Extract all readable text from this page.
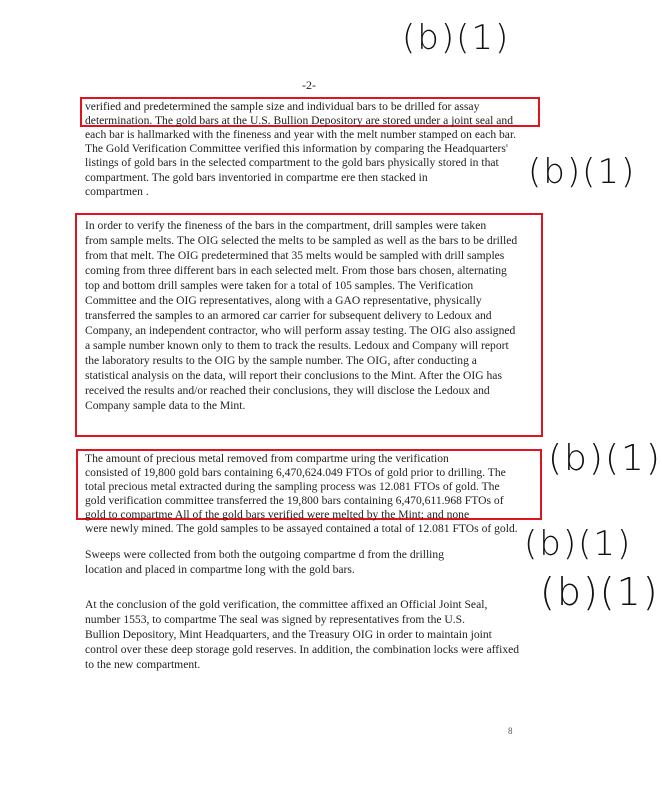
(b)(1)
(b)(1)
(b)(1)
(b)(1)
(b)(1)
-2-
verified and predetermined the sample size and individual bars to be drilled for assay
determination. The gold bars at the U.S. Bullion Depository are stored under a joint seal and
each bar is hallmarked with the fineness and year with the melt number stamped on each bar.
The Gold Verification Committee verified this information by comparing the Headquarters'
listings of gold bars in the selected compartment to the gold bars physically stored in that
compartment. The gold bars inventoried in compartme ere then stacked in
compartmen .
In order to verify the fineness of the bars in the compartment, drill samples were taken
from sample melts. The OIG selected the melts to be sampled as well as the bars to be drilled
from that melt. The OIG predetermined that 35 melts would be sampled with drill samples
coming from three different bars in each selected melt. From those bars chosen, alternating
top and bottom drill samples were taken for a total of 105 samples. The Verification
Committee and the OIG representatives, along with a GAO representative, physically
transferred the samples to an armored car carrier for subsequent delivery to Ledoux and
Company, an independent contractor, who will perform assay testing. The OIG also assigned
a sample number known only to them to track the results. Ledoux and Company will report
the laboratory results to the OIG by the sample number. The OIG, after conducting a
statistical analysis on the data, will report their conclusions to the Mint. After the OIG has
received the results and/or reached their conclusions, they will disclose the Ledoux and
Company sample data to the Mint.
The amount of precious metal removed from compartme uring the verification
consisted of 19,800 gold bars containing 6,470,624.049 FTOs of gold prior to drilling. The
total precious metal extracted during the sampling process was 12.081 FTOs of gold. The
gold verification committee transferred the 19,800 bars containing 6,470,611.968 FTOs of
gold to compartme All of the gold bars verified were melted by the Mint; and none
were newly mined. The gold samples to be assayed contained a total of 12.081 FTOs of gold.
Sweeps were collected from both the outgoing compartme d from the drilling
location and placed in compartme long with the gold bars.
At the conclusion of the gold verification, the committee affixed an Official Joint Seal,
number 1553, to compartme The seal was signed by representatives from the U.S.
Bullion Depository, Mint Headquarters, and the Treasury OIG in order to maintain joint
control over these deep storage gold reserves. In addition, the combination locks were affixed
to the new compartment.
8
